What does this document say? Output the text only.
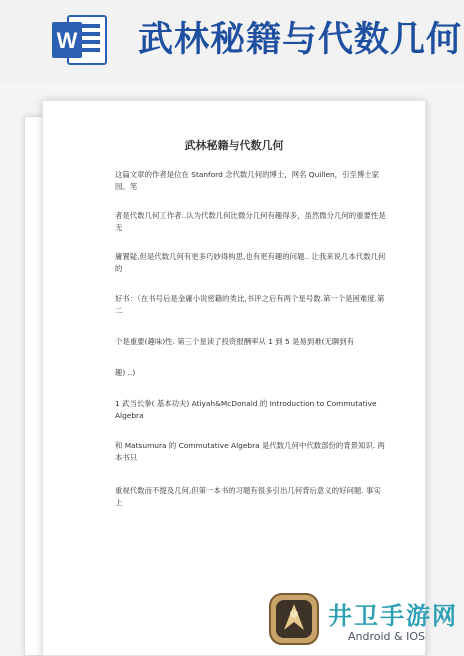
W 武林秘籍与代数几何
武林秘籍与代数几何
这篇文章的作者是位在 Stanford 念代数几何的博士，网名 Quillen，引至博士家园。笔
者是代数几何工作者..认为代数几何比微分几何有趣得多，虽然微分几何的重要性是无
庸置疑,但是代数几何有更多巧妙得构思,也有更有趣的问题.. 让我来说几本代数几何的
好书：（在书号后是金庸小说密籍的类比,书评之后有两个星号数.第一个是困难度.第二
个是重要(趣味)性. 第三个星读了投资报酬率从 1 到 5 是易到难(无聊到有
趣) ..)
1 武当长拳( 基本功夫) Atiyah&McDonald 的 Introduction to Commutative Algebra
和 Matsumura 的 Commutative Algebra 是代数几何中代数部份的背景知识. 两本书只
重视代数而不提及几何,但第一本书的习题有很多引出几何背后意义的好问题. 事实上
井卫手游网
Android & IOS
